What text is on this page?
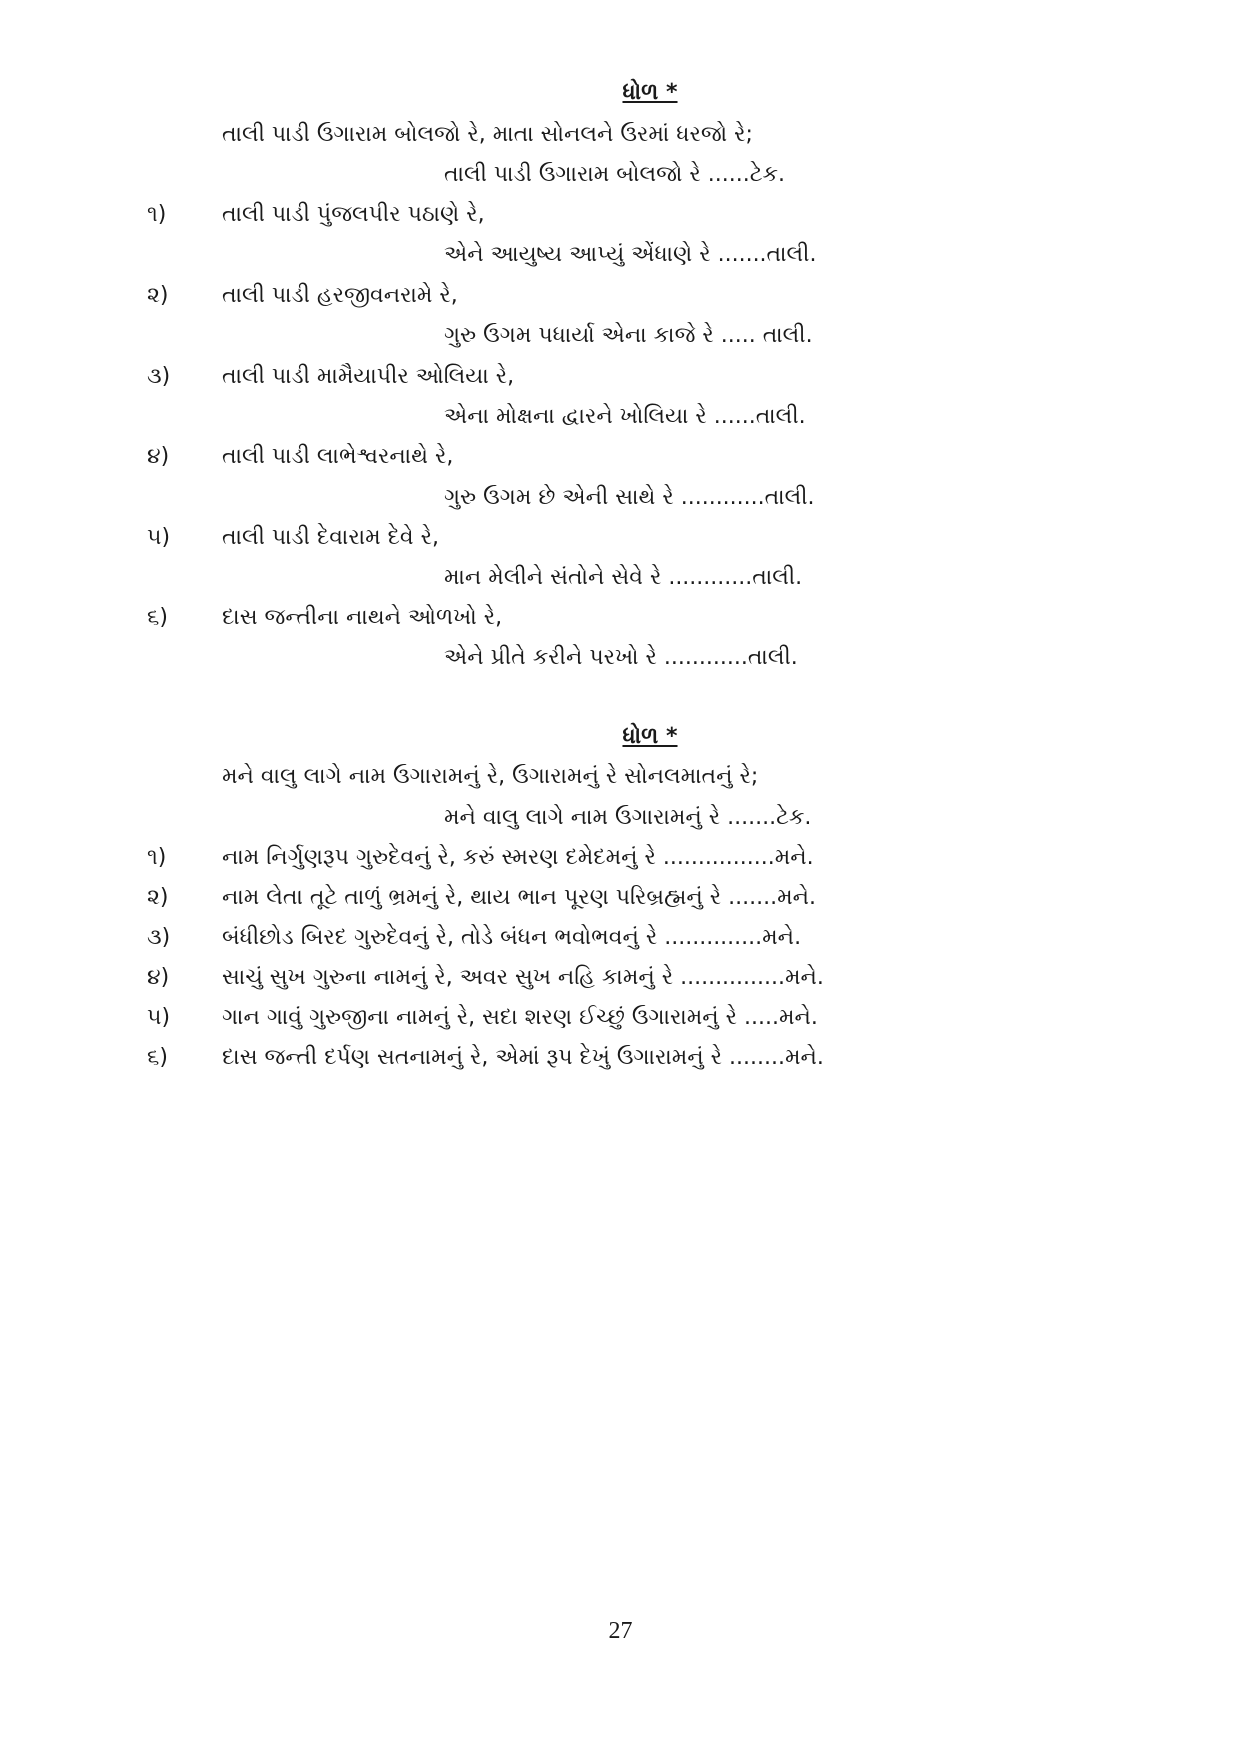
ધોળ *
તાલી પાડી ઉગારામ બોલજો રે, માતા સોનલને ઉરમાં ધરજો રે;
તાલી પાડી ઉગારામ બોલજો રે ......ટેક.
૧)	તાલી પાડી પુંજલપીર પઠાણે રે,
એને આયુષ્ય આપ્યું એંધાણે રે .......તાલી.
૨) તાલી પાડી હરજીવનરામે રે,
ગુરુ ઉગમ પધાર્યા એના કાજે રે ..... તાલી.
૩) તાલી પાડી મામૈયાપીર ઓલિયા રે,
એના મોક્ષના દ્વારને ખોલિયા રે ......તાલી.
૪) તાલી પાડી લાભેશ્વરનાથે રે,
ગુરુ ઉગમ છે એની સાથે રે ............તાલી.
૫) તાલી પાડી દેવારામ દેવે રે,
માન મેલીને સંતોને સેવે રે ............તાલી.
૬) દાસ જન્તીના નાથને ઓળખો રે,
એને પ્રીતે કરીને પરખો રે ............તાલી.
ધોળ *
મને વાલુ લાગે નામ ઉગારામનું રે, ઉગારામનું રે સોનલમાતનું રે;
મને વાલુ લાગે નામ ઉગારામનું રે .......ટેક.
૧)	નામ નિર્ગુણરૂપ ગુરુદેવનું રે, કરું સ્મરણ દમેદમનું રે ................મને.
૨) નામ લેતા તૂટે તાળું ભ્રમનું રે, થાય ભાન પૂરણ પરિબ્રહ્મનું રે .......મને.
૩) બંધીછોડ બિરદ ગુરુદેવનું રે, તોડે બંધન ભવોભવનું રે ..............મને.
૪) સાચું સુખ ગુરુના નામનું રે, અવર સુખ નહિ કામનું રે ...............મને.
૫) ગાન ગાવું ગુરુજીના નામનું રે, સદા શરણ ઈચ્છું ઉગારામનું રે .....મને.
૬) દાસ જન્તી દર્પણ સતનામનું રે, એમાં રૂપ દેખું ઉગારામનું રે ........મને.
27
